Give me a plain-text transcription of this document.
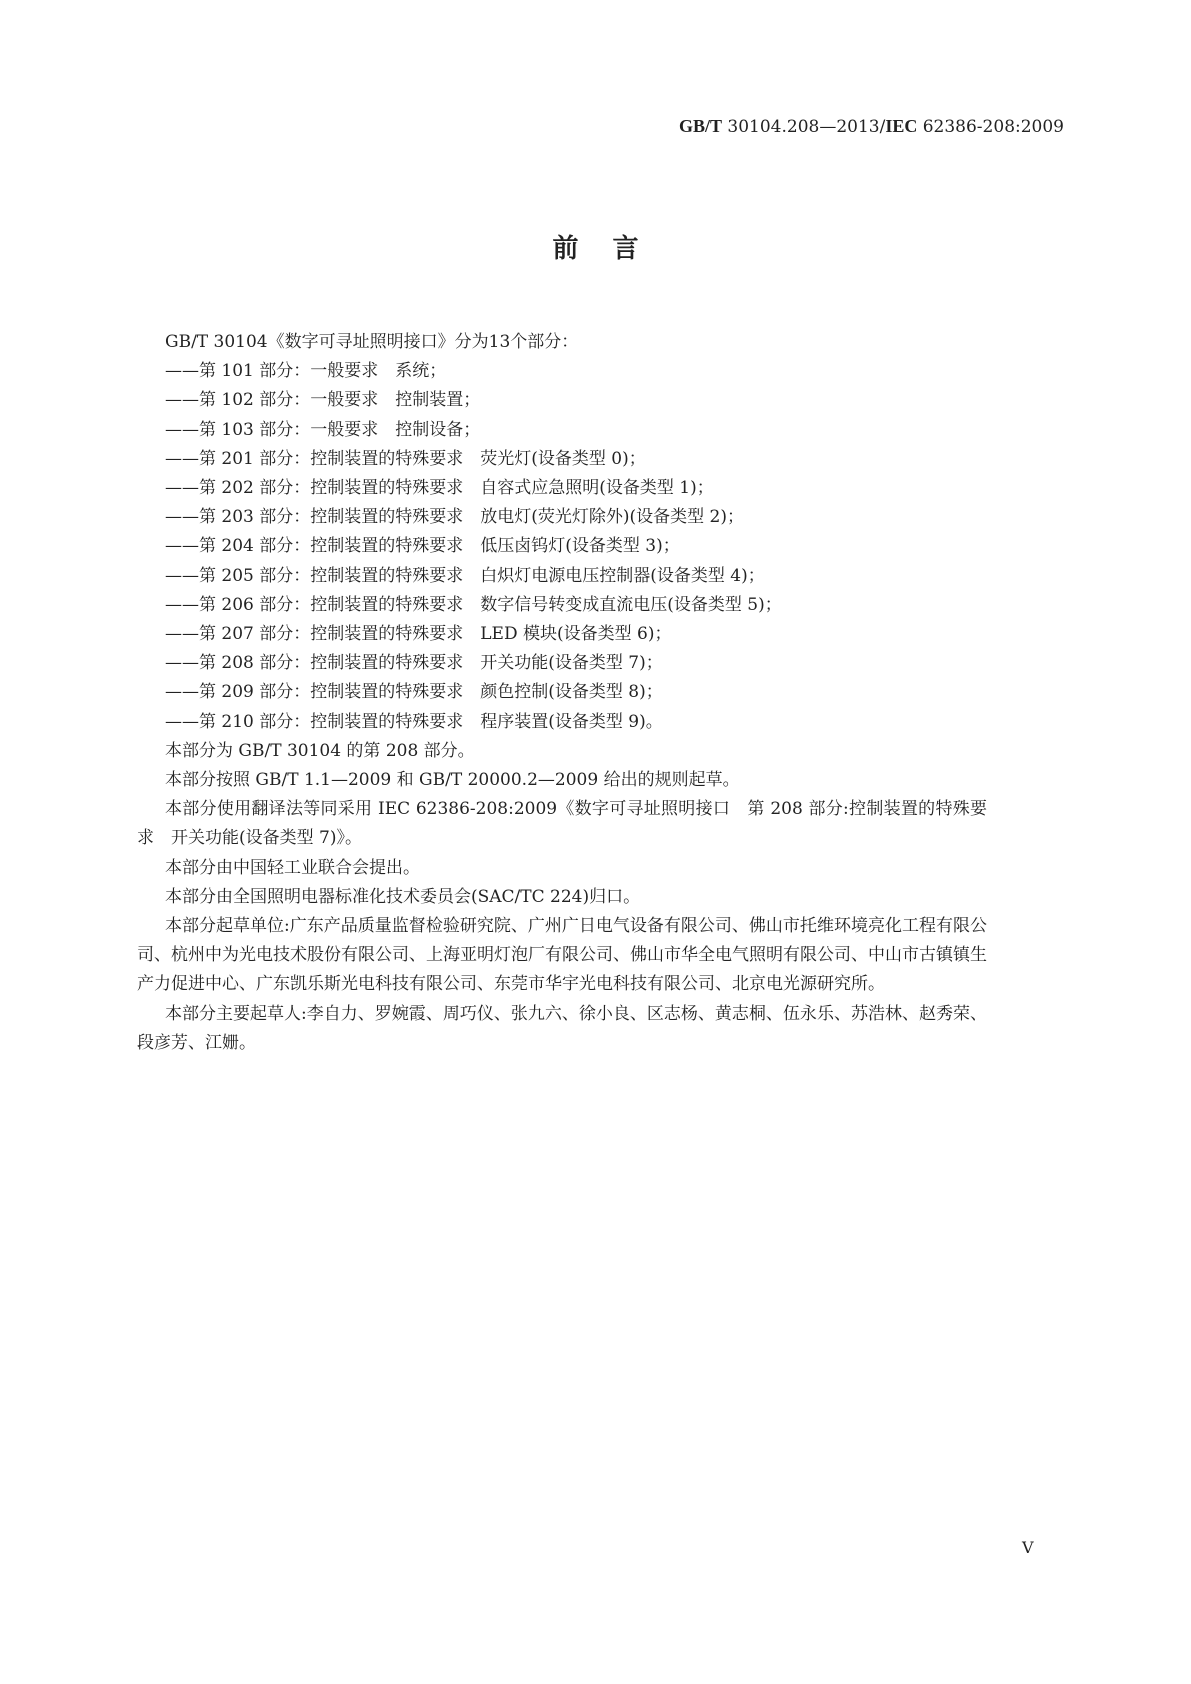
GB/T 30104.208—2013/IEC 62386-208:2009
前言

GB/T 30104《数字可寻址照明接口》分为13个部分：

——第 101 部分：一般要求　系统；
——第 102 部分：一般要求　控制装置；
——第 103 部分：一般要求　控制设备；
——第 201 部分：控制装置的特殊要求　荧光灯(设备类型 0)；
——第 202 部分：控制装置的特殊要求　自容式应急照明(设备类型 1)；
——第 203 部分：控制装置的特殊要求　放电灯(荧光灯除外)(设备类型 2)；
——第 204 部分：控制装置的特殊要求　低压卤钨灯(设备类型 3)；
——第 205 部分：控制装置的特殊要求　白炽灯电源电压控制器(设备类型 4)；
——第 206 部分：控制装置的特殊要求　数字信号转变成直流电压(设备类型 5)；
——第 207 部分：控制装置的特殊要求　LED 模块(设备类型 6)；
——第 208 部分：控制装置的特殊要求　开关功能(设备类型 7)；
——第 209 部分：控制装置的特殊要求　颜色控制(设备类型 8)；
——第 210 部分：控制装置的特殊要求　程序装置(设备类型 9)。

本部分为 GB/T 30104 的第 208 部分。

本部分按照 GB/T 1.1—2009 和 GB/T 20000.2—2009 给出的规则起草。

本部分使用翻译法等同采用 IEC 62386-208:2009《数字可寻址照明接口　第 208 部分:控制装置的特殊要求　开关功能(设备类型 7)》。

本部分由中国轻工业联合会提出。

本部分由全国照明电器标准化技术委员会(SAC/TC 224)归口。

本部分起草单位:广东产品质量监督检验研究院、广州广日电气设备有限公司、佛山市托维环境亮化工程有限公司、杭州中为光电技术股份有限公司、上海亚明灯泡厂有限公司、佛山市华全电气照明有限公司、中山市古镇镇生产力促进中心、广东凯乐斯光电科技有限公司、东莞市华宇光电科技有限公司、北京电光源研究所。

本部分主要起草人:李自力、罗婉霞、周巧仪、张九六、徐小良、区志杨、黄志桐、伍永乐、苏浩林、赵秀荣、段彦芳、江姗。

V
